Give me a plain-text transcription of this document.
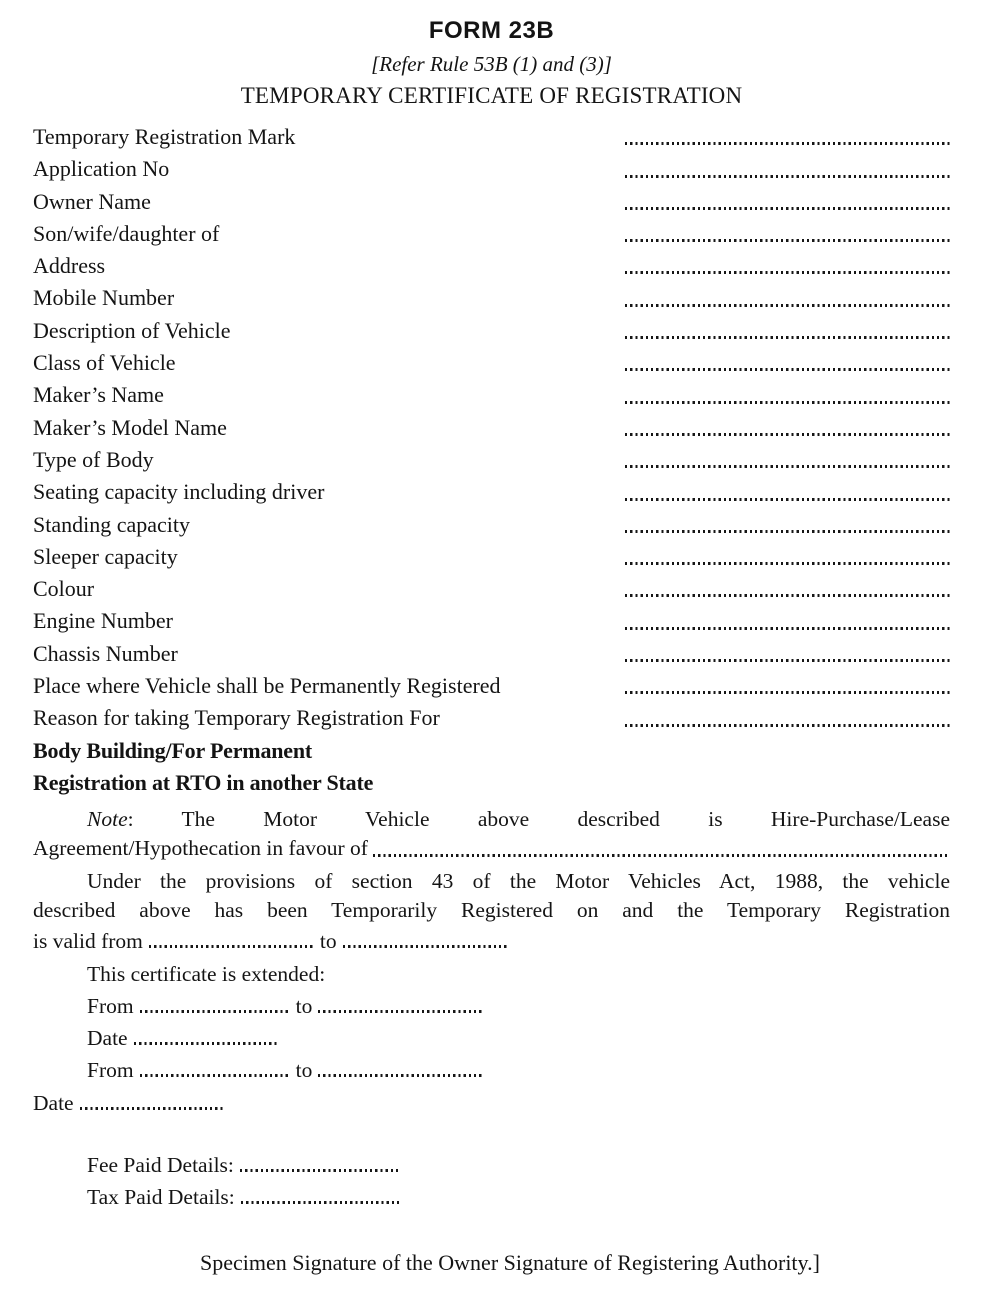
FORM 23B
[Refer Rule 53B (1) and (3)]
TEMPORARY CERTIFICATE OF REGISTRATION
Temporary Registration Mark
Application No
Owner Name
Son/wife/daughter of
Address
Mobile Number
Description of Vehicle
Class of Vehicle
Maker’s Name
Maker’s Model Name
Type of Body
Seating capacity including driver
Standing capacity
Sleeper capacity
Colour
Engine Number
Chassis Number
Place where Vehicle shall be Permanently Registered
Reason for taking Temporary Registration For
Body Building/For Permanent
Registration at RTO in another State
Note: The Motor Vehicle above described is Hire-Purchase/Lease
Agreement/Hypothecation in favour of
Under the provisions of section 43 of the Motor Vehicles Act, 1988, the vehicle
described above has been Temporarily Registered on and the Temporary Registration
is valid from	to
This certificate is extended:
From	to
Date
From	to
Date
Fee Paid Details:
Tax Paid Details:
Specimen Signature of the Owner Signature of Registering Authority.]
